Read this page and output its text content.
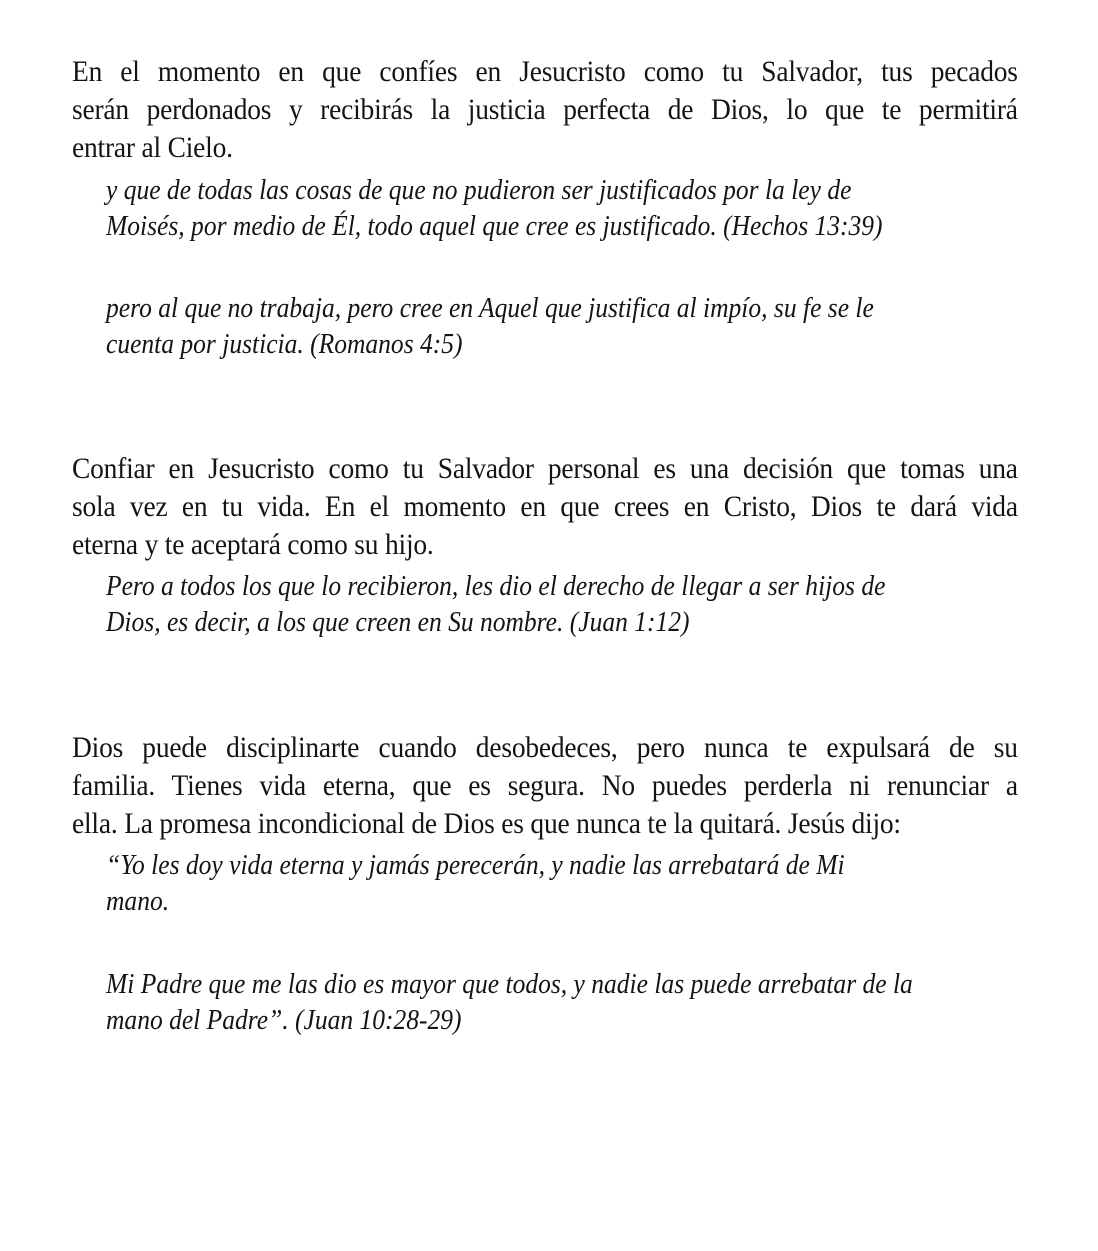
En el momento en que confíes en Jesucristo como tu Salvador, tus pecados
serán perdonados y recibirás la justicia perfecta de Dios, lo que te permitirá
entrar al Cielo.

y que de todas las cosas de que no pudieron ser justificados por la ley de
Moisés, por medio de Él, todo aquel que cree es justificado. (Hechos 13:39)
pero al que no trabaja, pero cree en Aquel que justifica al impío, su fe se le
cuenta por justicia. (Romanos 4:5)

Confiar en Jesucristo como tu Salvador personal es una decisión que tomas una
sola vez en tu vida. En el momento en que crees en Cristo, Dios te dará vida
eterna y te aceptará como su hijo.

Pero a todos los que lo recibieron, les dio el derecho de llegar a ser hijos de
Dios, es decir, a los que creen en Su nombre. (Juan 1:12)

Dios puede disciplinarte cuando desobedeces, pero nunca te expulsará de su
familia. Tienes vida eterna, que es segura. No puedes perderla ni renunciar a
ella. La promesa incondicional de Dios es que nunca te la quitará. Jesús dijo:

“Yo les doy vida eterna y jamás perecerán, y nadie las arrebatará de Mi
mano.
Mi Padre que me las dio es mayor que todos, y nadie las puede arrebatar de la
mano del Padre”. (Juan 10:28-29)
